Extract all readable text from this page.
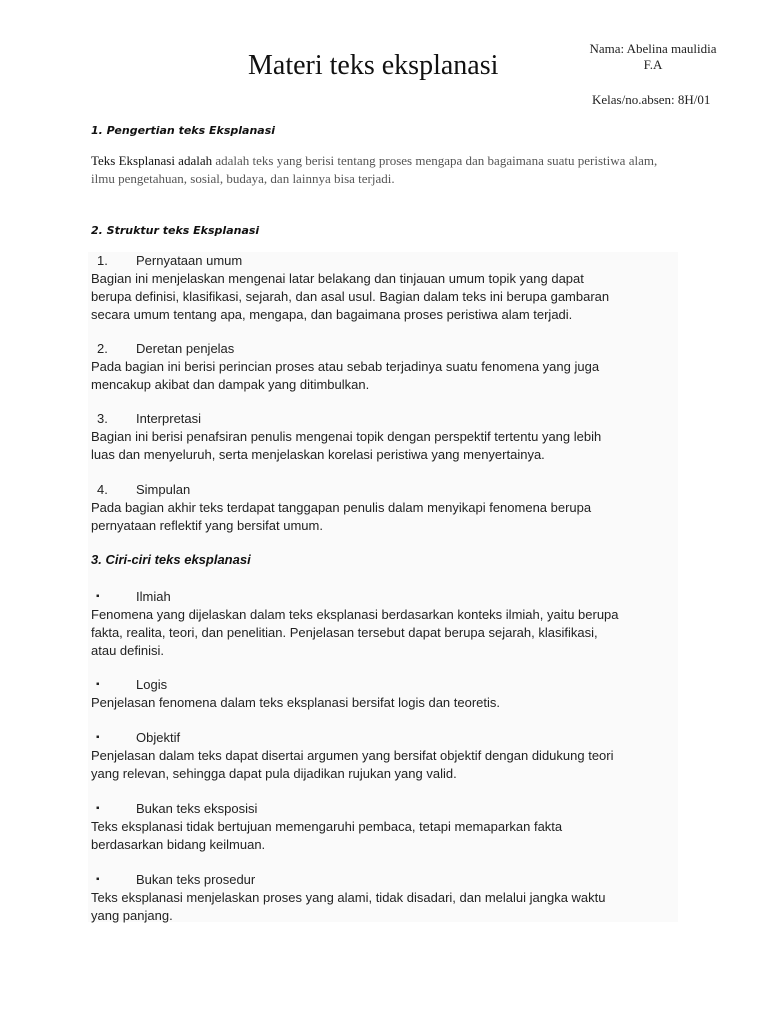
Materi teks eksplanasi
Nama: Abelina maulidia
F.A
Kelas/no.absen: 8H/01
1. Pengertian teks Eksplanasi
Teks Eksplanasi adalah adalah teks yang berisi tentang proses mengapa dan bagaimana suatu peristiwa alam, ilmu pengetahuan, sosial, budaya, dan lainnya bisa terjadi.
2. Struktur teks Eksplanasi
1. Pernyataan umum
Bagian ini menjelaskan mengenai latar belakang dan tinjauan umum topik yang dapat
berupa definisi, klasifikasi, sejarah, dan asal usul. Bagian dalam teks ini berupa gambaran
secara umum tentang apa, mengapa, dan bagaimana proses peristiwa alam terjadi.
2. Deretan penjelas
Pada bagian ini berisi perincian proses atau sebab terjadinya suatu fenomena yang juga
mencakup akibat dan dampak yang ditimbulkan.
3. Interpretasi
Bagian ini berisi penafsiran penulis mengenai topik dengan perspektif tertentu yang lebih
luas dan menyeluruh, serta menjelaskan korelasi peristiwa yang menyertainya.
4. Simpulan
Pada bagian akhir teks terdapat tanggapan penulis dalam menyikapi fenomena berupa
pernyataan reflektif yang bersifat umum.
3. Ciri-ciri teks eksplanasi
▪	Ilmiah
Fenomena yang dijelaskan dalam teks eksplanasi berdasarkan konteks ilmiah, yaitu berupa
fakta, realita, teori, dan penelitian. Penjelasan tersebut dapat berupa sejarah, klasifikasi,
atau definisi.
▪	Logis
Penjelasan fenomena dalam teks eksplanasi bersifat logis dan teoretis.
▪	Objektif
Penjelasan dalam teks dapat disertai argumen yang bersifat objektif dengan didukung teori
yang relevan, sehingga dapat pula dijadikan rujukan yang valid.
▪	Bukan teks eksposisi
Teks eksplanasi tidak bertujuan memengaruhi pembaca, tetapi memaparkan fakta
berdasarkan bidang keilmuan.
▪	Bukan teks prosedur
Teks eksplanasi menjelaskan proses yang alami, tidak disadari, dan melalui jangka waktu
yang panjang.
